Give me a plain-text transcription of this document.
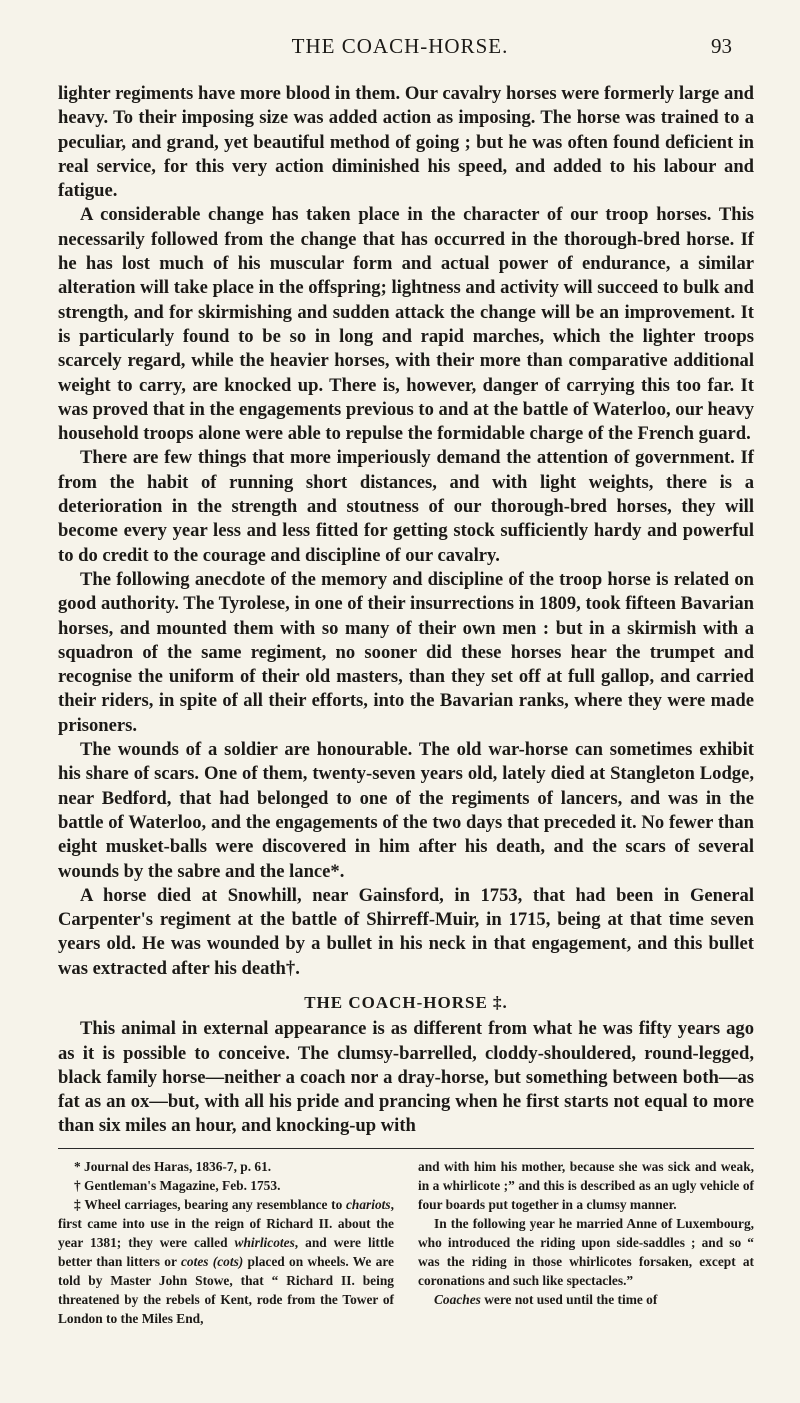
THE COACH-HORSE.	93

lighter regiments have more blood in them. Our cavalry horses were formerly large and heavy. To their imposing size was added action as imposing. The horse was trained to a peculiar, and grand, yet beautiful method of going ; but he was often found deficient in real service, for this very action diminished his speed, and added to his labour and fatigue.

A considerable change has taken place in the character of our troop horses. This necessarily followed from the change that has occurred in the thorough-bred horse. If he has lost much of his muscular form and actual power of endurance, a similar alteration will take place in the offspring; lightness and activity will succeed to bulk and strength, and for skirmishing and sudden attack the change will be an improvement. It is particularly found to be so in long and rapid marches, which the lighter troops scarcely regard, while the heavier horses, with their more than comparative additional weight to carry, are knocked up. There is, however, danger of carrying this too far. It was proved that in the engagements previous to and at the battle of Waterloo, our heavy household troops alone were able to repulse the formidable charge of the French guard.

There are few things that more imperiously demand the attention of government. If from the habit of running short distances, and with light weights, there is a deterioration in the strength and stoutness of our thorough-bred horses, they will become every year less and less fitted for getting stock sufficiently hardy and powerful to do credit to the courage and discipline of our cavalry.

The following anecdote of the memory and discipline of the troop horse is related on good authority. The Tyrolese, in one of their insurrections in 1809, took fifteen Bavarian horses, and mounted them with so many of their own men : but in a skirmish with a squadron of the same regiment, no sooner did these horses hear the trumpet and recognise the uniform of their old masters, than they set off at full gallop, and carried their riders, in spite of all their efforts, into the Bavarian ranks, where they were made prisoners.

The wounds of a soldier are honourable. The old war-horse can sometimes exhibit his share of scars. One of them, twenty-seven years old, lately died at Stangleton Lodge, near Bedford, that had belonged to one of the regiments of lancers, and was in the battle of Waterloo, and the engagements of the two days that preceded it. No fewer than eight musket-balls were discovered in him after his death, and the scars of several wounds by the sabre and the lance*.

A horse died at Snowhill, near Gainsford, in 1753, that had been in General Carpenter's regiment at the battle of Shirreff-Muir, in 1715, being at that time seven years old. He was wounded by a bullet in his neck in that engagement, and this bullet was extracted after his death†.

THE COACH-HORSE ‡.

This animal in external appearance is as different from what he was fifty years ago as it is possible to conceive. The clumsy-barrelled, cloddy-shouldered, round-legged, black family horse—neither a coach nor a dray-horse, but something between both—as fat as an ox—but, with all his pride and prancing when he first starts not equal to more than six miles an hour, and knocking-up with

* Journal des Haras, 1836-7, p. 61.

† Gentleman's Magazine, Feb. 1753.

‡ Wheel carriages, bearing any resemblance to chariots, first came into use in the reign of Richard II. about the year 1381; they were called whirlicotes, and were little better than litters or cotes (cots) placed on wheels. We are told by Master John Stowe, that “ Richard II. being threatened by the rebels of Kent, rode from the Tower of London to the Miles End,

and with him his mother, because she was sick and weak, in a whirlicote ;” and this is described as an ugly vehicle of four boards put together in a clumsy manner.

In the following year he married Anne of Luxembourg, who introduced the riding upon side-saddles ; and so “ was the riding in those whirlicotes forsaken, except at coronations and such like spectacles.”

Coaches were not used until the time of
